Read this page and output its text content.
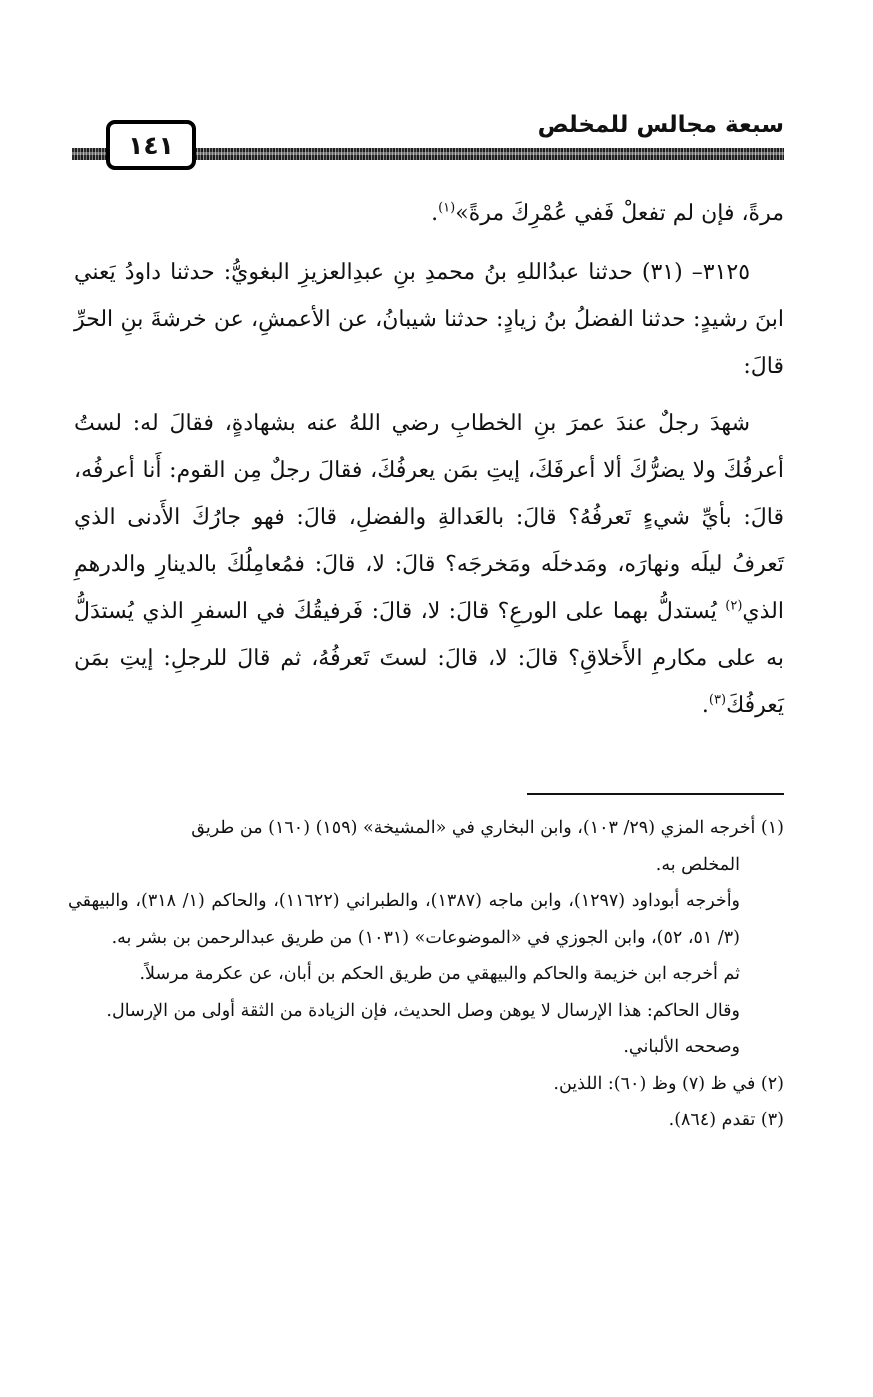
سبعة مجالس للمخلص
١٤١

مرةً، فإن لم تفعلْ فَفي عُمْرِكَ مرةً»$^{(١)}$.

٣١٢٥– (٣١) حدثنا عبدُاللهِ بنُ محمدِ بنِ عبدِالعزيزِ البغويُّ: حدثنا داودُ يَعني ابنَ رشيدٍ: حدثنا الفضلُ بنُ زيادٍ: حدثنا شيبانُ، عن الأعمشِ، عن خرشةَ بنِ الحرِّ قالَ:

شهدَ رجلٌ عندَ عمرَ بنِ الخطابِ رضي اللهُ عنه بشهادةٍ، فقالَ له: لستُ أعرفُكَ ولا يضرُّكَ ألا أعرفَكَ، إيتِ بمَن يعرفُكَ، فقالَ رجلٌ مِن القوم: أَنا أعرفُه، قالَ: بأيِّ شيءٍ تَعرفُهُ؟ قالَ: بالعَدالةِ والفضلِ، قالَ: فهو جارُكَ الأَدنى الذي تَعرفُ ليلَه ونهارَه، ومَدخلَه ومَخرجَه؟ قالَ: لا، قالَ: فمُعامِلُكَ بالدينارِ والدرهمِ الذي$^{(٢)}$ يُستدلُّ بهما على الورعِ؟ قالَ: لا، قالَ: فَرفيقُكَ في السفرِ الذي يُستدَلُّ به على مكارمِ الأَخلاقِ؟ قالَ: لا، قالَ: لستَ تَعرفُهُ، ثم قالَ للرجلِ: إيتِ بمَن يَعرفُكَ$^{(٣)}$.

(١) أخرجه المزي (٢٩/ ١٠٣)، وابن البخاري في «المشيخة» (١٥٩) (١٦٠) من طريق

المخلص به.

وأخرجه أبوداود (١٢٩٧)، وابن ماجه (١٣٨٧)، والطبراني (١١٦٢٢)، والحاكم (١/ ٣١٨)، والبيهقي (٣/ ٥١، ٥٢)، وابن الجوزي في «الموضوعات» (١٠٣١) من طريق عبدالرحمن بن بشر به.

ثم أخرجه ابن خزيمة والحاكم والبيهقي من طريق الحكم بن أبان، عن عكرمة مرسلاً.

وقال الحاكم: هذا الإرسال لا يوهن وصل الحديث، فإن الزيادة من الثقة أولى من الإرسال.

وصححه الألباني.

(٢) في ظ (٧) وظ (٦٠): اللذين.

(٣) تقدم (٨٦٤).
